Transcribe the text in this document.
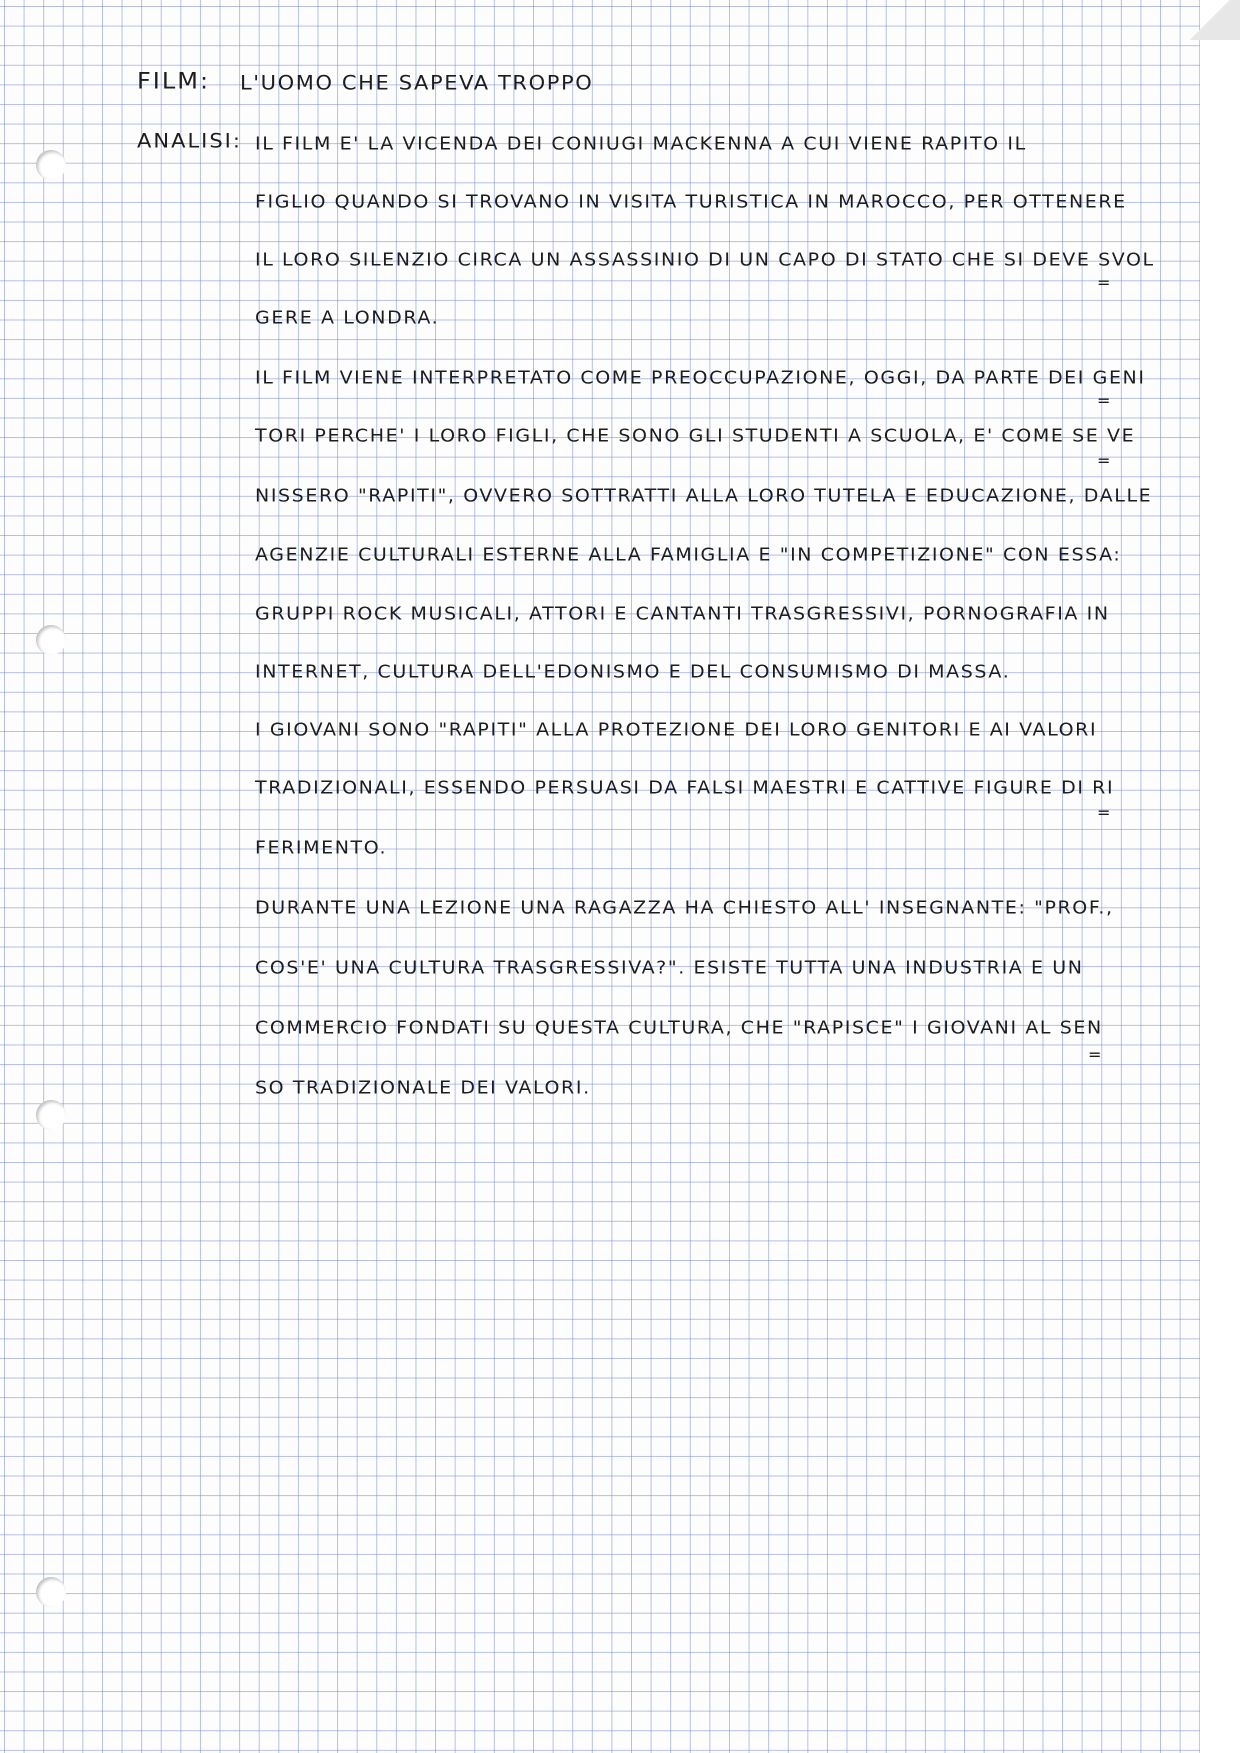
FILM: L'UOMO CHE SAPEVA TROPPO
ANALISI: IL FILM E' LA VICENDA DEI CONIUGI MACKENNA A CUI VIENE RAPITO IL
FIGLIO QUANDO SI TROVANO IN VISITA TURISTICA IN MAROCCO, PER OTTENERE
IL LORO SILENZIO CIRCA UN ASSASSINIO DI UN CAPO DI STATO CHE SI DEVE SVOL
=
GERE A LONDRA.
IL FILM VIENE INTERPRETATO COME PREOCCUPAZIONE, OGGI, DA PARTE DEI GENI
=
TORI PERCHE' I LORO FIGLI, CHE SONO GLI STUDENTI A SCUOLA, E' COME SE VE
=
NISSERO "RAPITI", OVVERO SOTTRATTI ALLA LORO TUTELA E EDUCAZIONE, DALLE
AGENZIE CULTURALI ESTERNE ALLA FAMIGLIA E "IN COMPETIZIONE" CON ESSA:
GRUPPI ROCK MUSICALI, ATTORI E CANTANTI TRASGRESSIVI, PORNOGRAFIA IN
INTERNET, CULTURA DELL'EDONISMO E DEL CONSUMISMO DI MASSA.
I GIOVANI SONO "RAPITI" ALLA PROTEZIONE DEI LORO GENITORI E AI VALORI
TRADIZIONALI, ESSENDO PERSUASI DA FALSI MAESTRI E CATTIVE FIGURE DI RI
=
FERIMENTO.
DURANTE UNA LEZIONE UNA RAGAZZA HA CHIESTO ALL' INSEGNANTE: "PROF.,
COS'E' UNA CULTURA TRASGRESSIVA?". ESISTE TUTTA UNA INDUSTRIA E UN
COMMERCIO FONDATI SU QUESTA CULTURA, CHE "RAPISCE" I GIOVANI AL SEN
=
SO TRADIZIONALE DEI VALORI.
